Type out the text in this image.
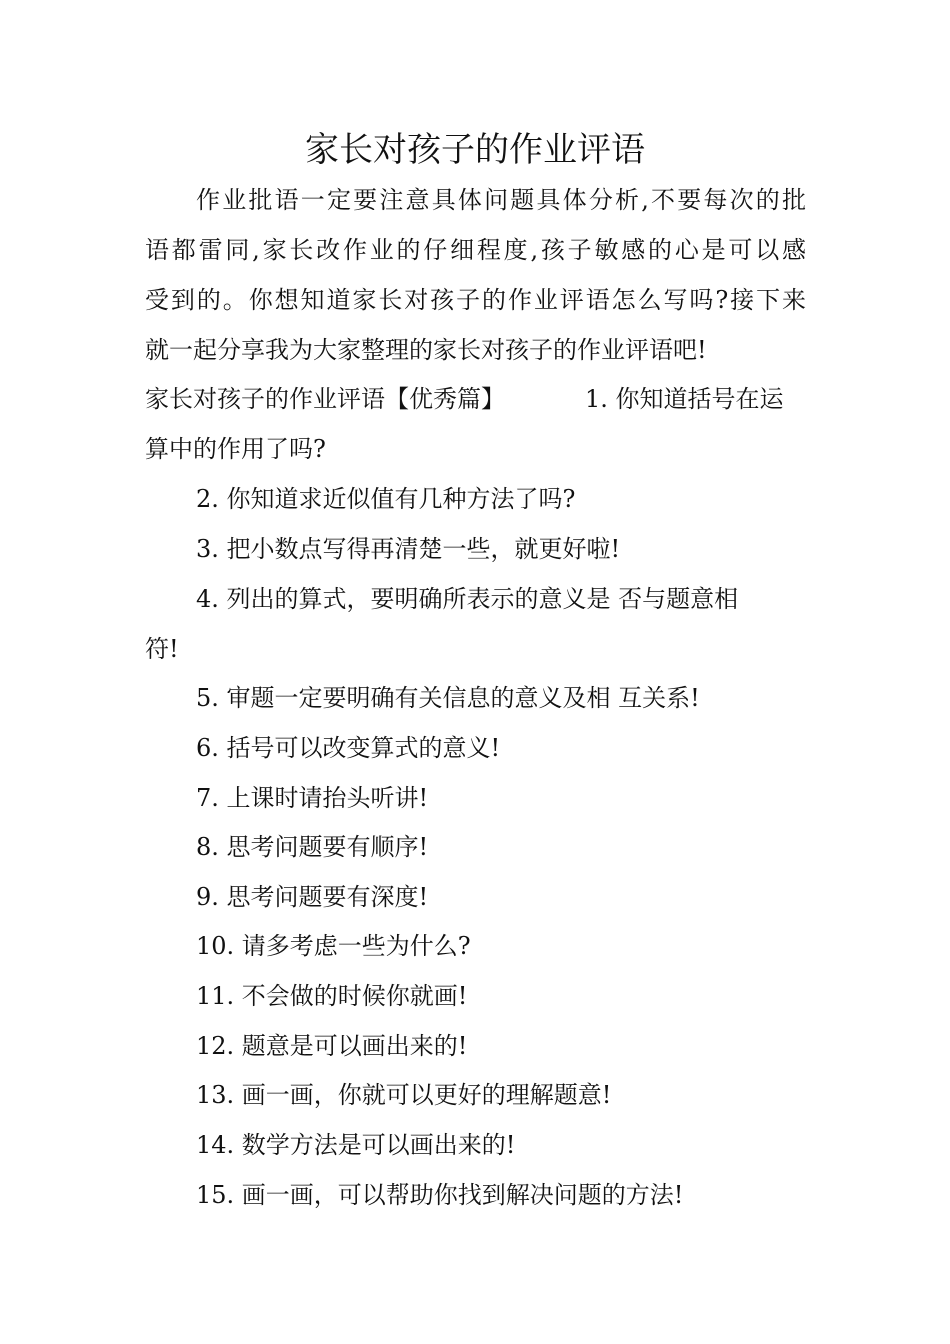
家长对孩子的作业评语
作业批语一定要注意具体问题具体分析,不要每次的批
语都雷同,家长改作业的仔细程度,孩子敏感的心是可以感
受到的。你想知道家长对孩子的作业评语怎么写吗?接下来
就一起分享我为大家整理的家长对孩子的作业评语吧!
家长对孩子的作业评语【优秀篇】	1. 你知道括号在运
算中的作用了吗?
2. 你知道求近似值有几种方法了吗?
3. 把小数点写得再清楚一些，就更好啦!
4. 列出的算式，要明确所表示的意义是 否与题意相
符!
5. 审题一定要明确有关信息的意义及相 互关系!
6. 括号可以改变算式的意义!
7. 上课时请抬头听讲!
8. 思考问题要有顺序!
9. 思考问题要有深度!
10. 请多考虑一些为什么?
11. 不会做的时候你就画!
12. 题意是可以画出来的!
13. 画一画，你就可以更好的理解题意!
14. 数学方法是可以画出来的!
15. 画一画，可以帮助你找到解决问题的方法!
